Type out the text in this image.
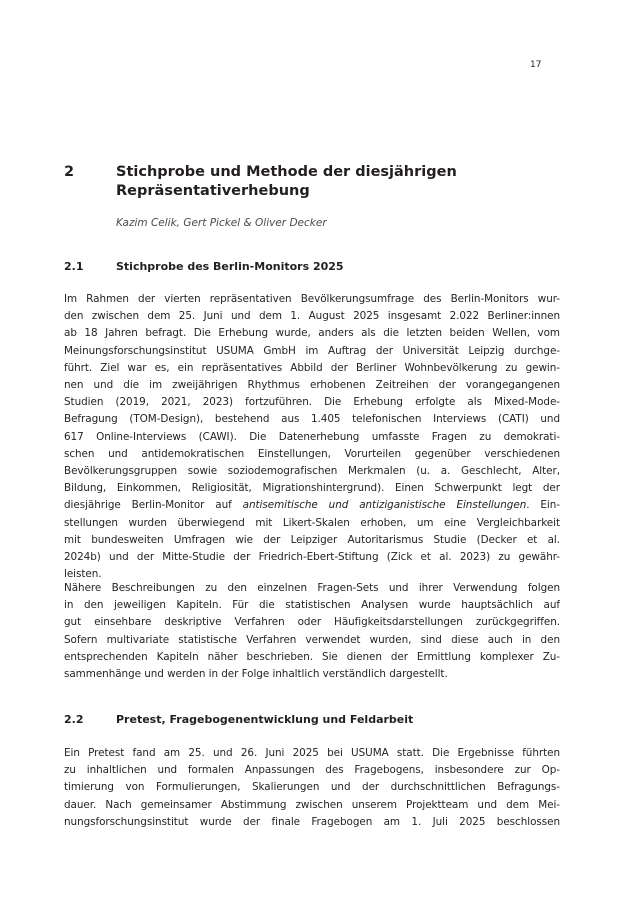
17
2	Stichprobe und Methode der diesjährigen
Repräsentativerhebung
Kazim Celik, Gert Pickel & Oliver Decker
2.1	Stichprobe des Berlin-Monitors 2025
Im Rahmen der vierten repräsentativen Bevölkerungsumfrage des Berlin-Monitors wur-
den zwischen dem 25. Juni und dem 1. August 2025 insgesamt 2.022 Berliner:innen
ab 18 Jahren befragt. Die Erhebung wurde, anders als die letzten beiden Wellen, vom
Meinungsforschungsinstitut USUMA GmbH im Auftrag der Universität Leipzig durchge-
führt. Ziel war es, ein repräsentatives Abbild der Berliner Wohnbevölkerung zu gewin-
nen und die im zweijährigen Rhythmus erhobenen Zeitreihen der vorangegangenen
Studien (2019, 2021, 2023) fortzuführen. Die Erhebung erfolgte als Mixed-Mode-
Befragung (TOM-Design), bestehend aus 1.405 telefonischen Interviews (CATI) und
617 Online-Interviews (CAWI). Die Datenerhebung umfasste Fragen zu demokrati-
schen und antidemokratischen Einstellungen, Vorurteilen gegenüber verschiedenen
Bevölkerungsgruppen sowie soziodemografischen Merkmalen (u. a. Geschlecht, Alter,
Bildung, Einkommen, Religiosität, Migrationshintergrund). Einen Schwerpunkt legt der
diesjährige Berlin-Monitor auf antisemitische und antiziganistische Einstellungen. Ein-
stellungen wurden überwiegend mit Likert-Skalen erhoben, um eine Vergleichbarkeit
mit bundesweiten Umfragen wie der Leipziger Autoritarismus Studie (Decker et al.
2024b) und der Mitte-Studie der Friedrich-Ebert-Stiftung (Zick et al. 2023) zu gewähr-
leisten.
Nähere Beschreibungen zu den einzelnen Fragen-Sets und ihrer Verwendung folgen
in den jeweiligen Kapiteln. Für die statistischen Analysen wurde hauptsächlich auf
gut einsehbare deskriptive Verfahren oder Häufigkeitsdarstellungen zurückgegriffen.
Sofern multivariate statistische Verfahren verwendet wurden, sind diese auch in den
entsprechenden Kapiteln näher beschrieben. Sie dienen der Ermittlung komplexer Zu-
sammenhänge und werden in der Folge inhaltlich verständlich dargestellt.
2.2	Pretest, Fragebogenentwicklung und Feldarbeit
Ein Pretest fand am 25. und 26. Juni 2025 bei USUMA statt. Die Ergebnisse führten
zu inhaltlichen und formalen Anpassungen des Fragebogens, insbesondere zur Op-
timierung von Formulierungen, Skalierungen und der durchschnittlichen Befragungs-
dauer. Nach gemeinsamer Abstimmung zwischen unserem Projektteam und dem Mei-
nungsforschungsinstitut wurde der finale Fragebogen am 1. Juli 2025 beschlossen
